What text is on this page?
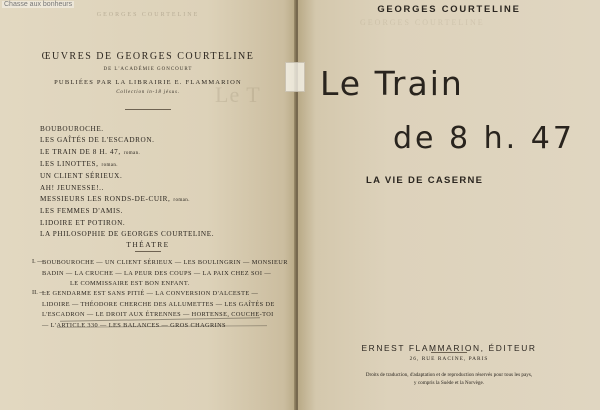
GEORGES COURTELINE
Le T
ŒUVRES DE GEORGES COURTELINE
DE L'ACADÉMIE GONCOURT
PUBLIÉES PAR LA LIBRAIRIE E. FLAMMARION
Collection in-18 jésus.
BOUBOUROCHE.
LES GAÎTÉS DE L'ESCADRON.
LE TRAIN DE 8 H. 47, roman.
LES LINOTTES, roman.
UN CLIENT SÉRIEUX.
AH! JEUNESSE!..
MESSIEURS LES RONDS-DE-CUIR, roman.
LES FEMMES D'AMIS.
LIDOIRE ET POTIRON.
LA PHILOSOPHIE DE GEORGES COURTELINE.
THÉATRE
I. —
BOUBOUROCHE — UN CLIENT SÉRIEUX — LES BOULINGRIN — MONSIEUR
BADIN — LA CRUCHE — LA PEUR DES COUPS — LA PAIX CHEZ SOI —
LE COMMISSAIRE EST BON ENFANT.
II. —
LE GENDARME EST SANS PITIÉ — LA CONVERSION D'ALCESTE —
LIDOIRE — THÉODORE CHERCHE DES ALLUMETTES — LES GAÎTÉS DE
L'ESCADRON — LE DROIT AUX ÉTRENNES — HORTENSE, COUCHE-TOI
— L'ARTICLE 330 — LES BALANCES — GROS CHAGRINS
GEORGES COURTELINE
GEORGES COURTELINE
Le Train
de 8 h. 47
LA VIE DE CASERNE
ERNEST FLAMMARION, ÉDITEUR
26, RUE RACINE, PARIS
Droits de traduction, d'adaptation et de reproduction réservés pour tous les pays,
y compris la Suède et la Norvège.
Chasse aux bonheurs
